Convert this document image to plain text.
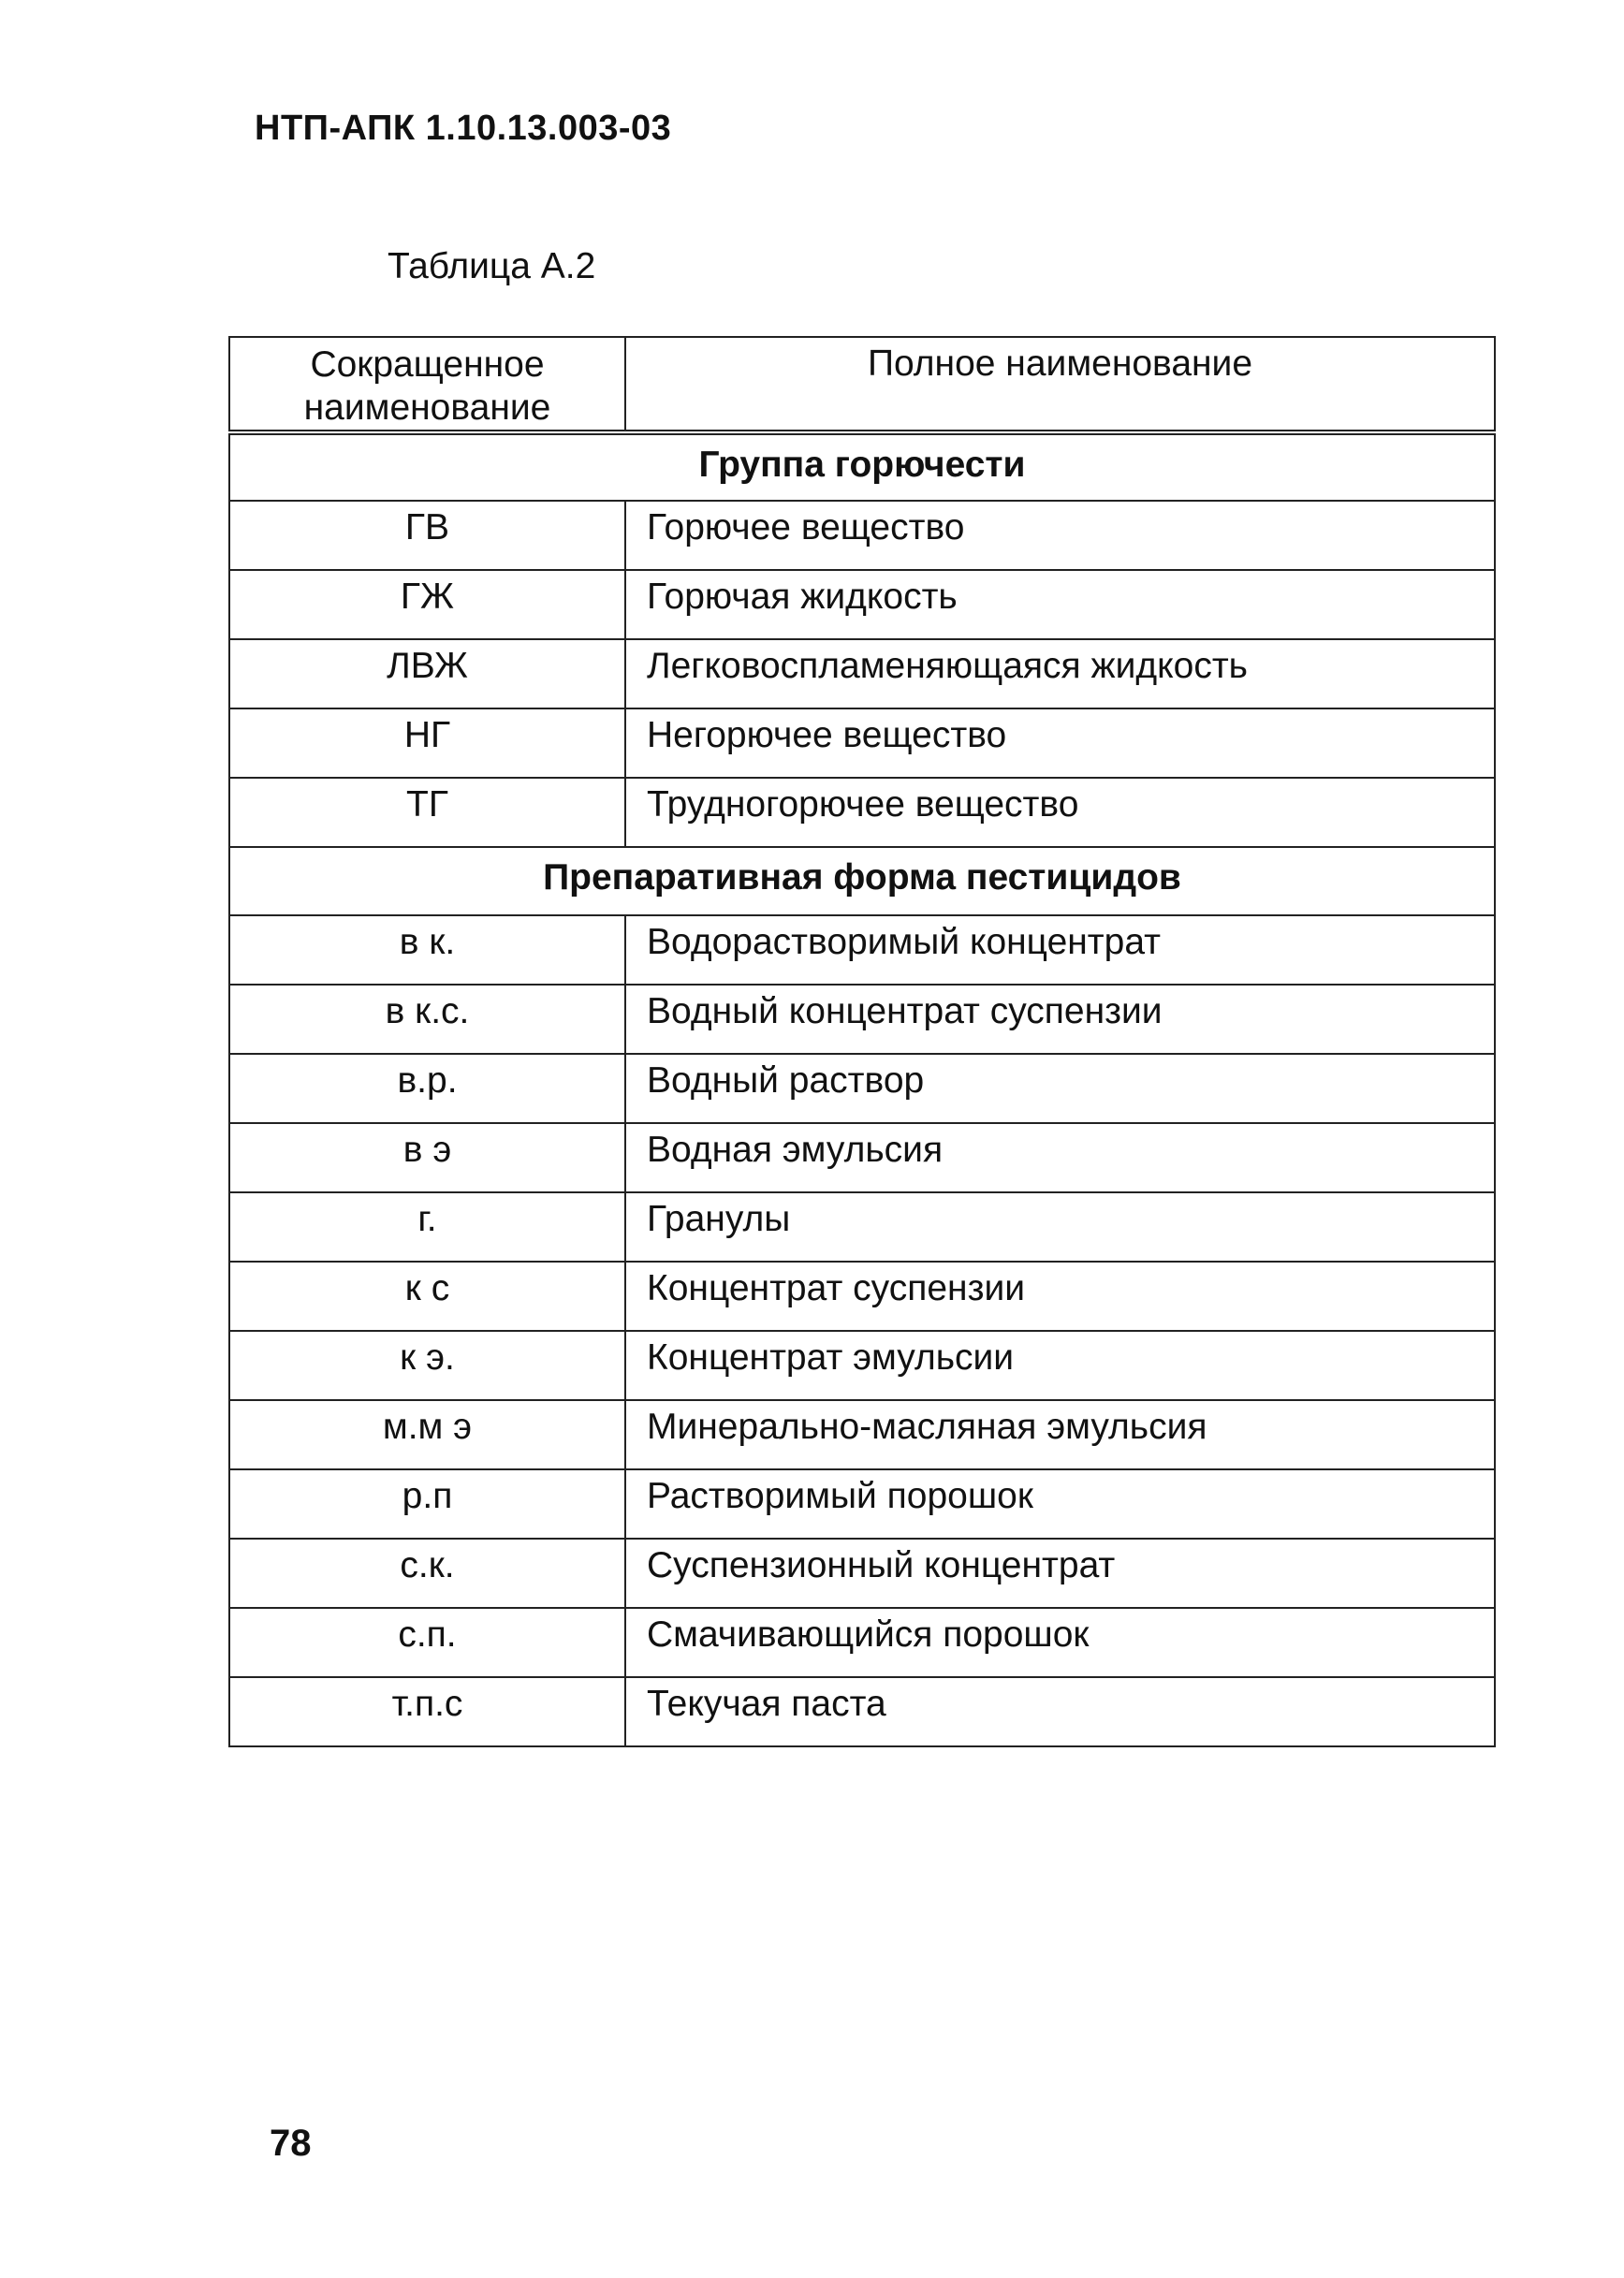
НТП-АПК 1.10.13.003-03

Таблица А.2

Сокращенное
наименование	Полное наименование
Группа горючести	
ГВ	Горючее вещество
ГЖ	Горючая жидкость
ЛВЖ	Легковоспламеняющаяся жидкость
НГ	Негорючее вещество
ТГ	Трудногорючее вещество
Препаративная форма пестицидов	
в к.	Водорастворимый концентрат
в к.с.	Водный концентрат суспензии
в.р.	Водный раствор
в э	Водная эмульсия
г.	Гранулы
к с	Концентрат суспензии
к э.	Концентрат эмульсии
м.м э	Минерально-масляная эмульсия
р.п	Растворимый порошок
с.к.	Суспензионный концентрат
с.п.	Смачивающийся порошок
т.п.с	Текучая паста

78
